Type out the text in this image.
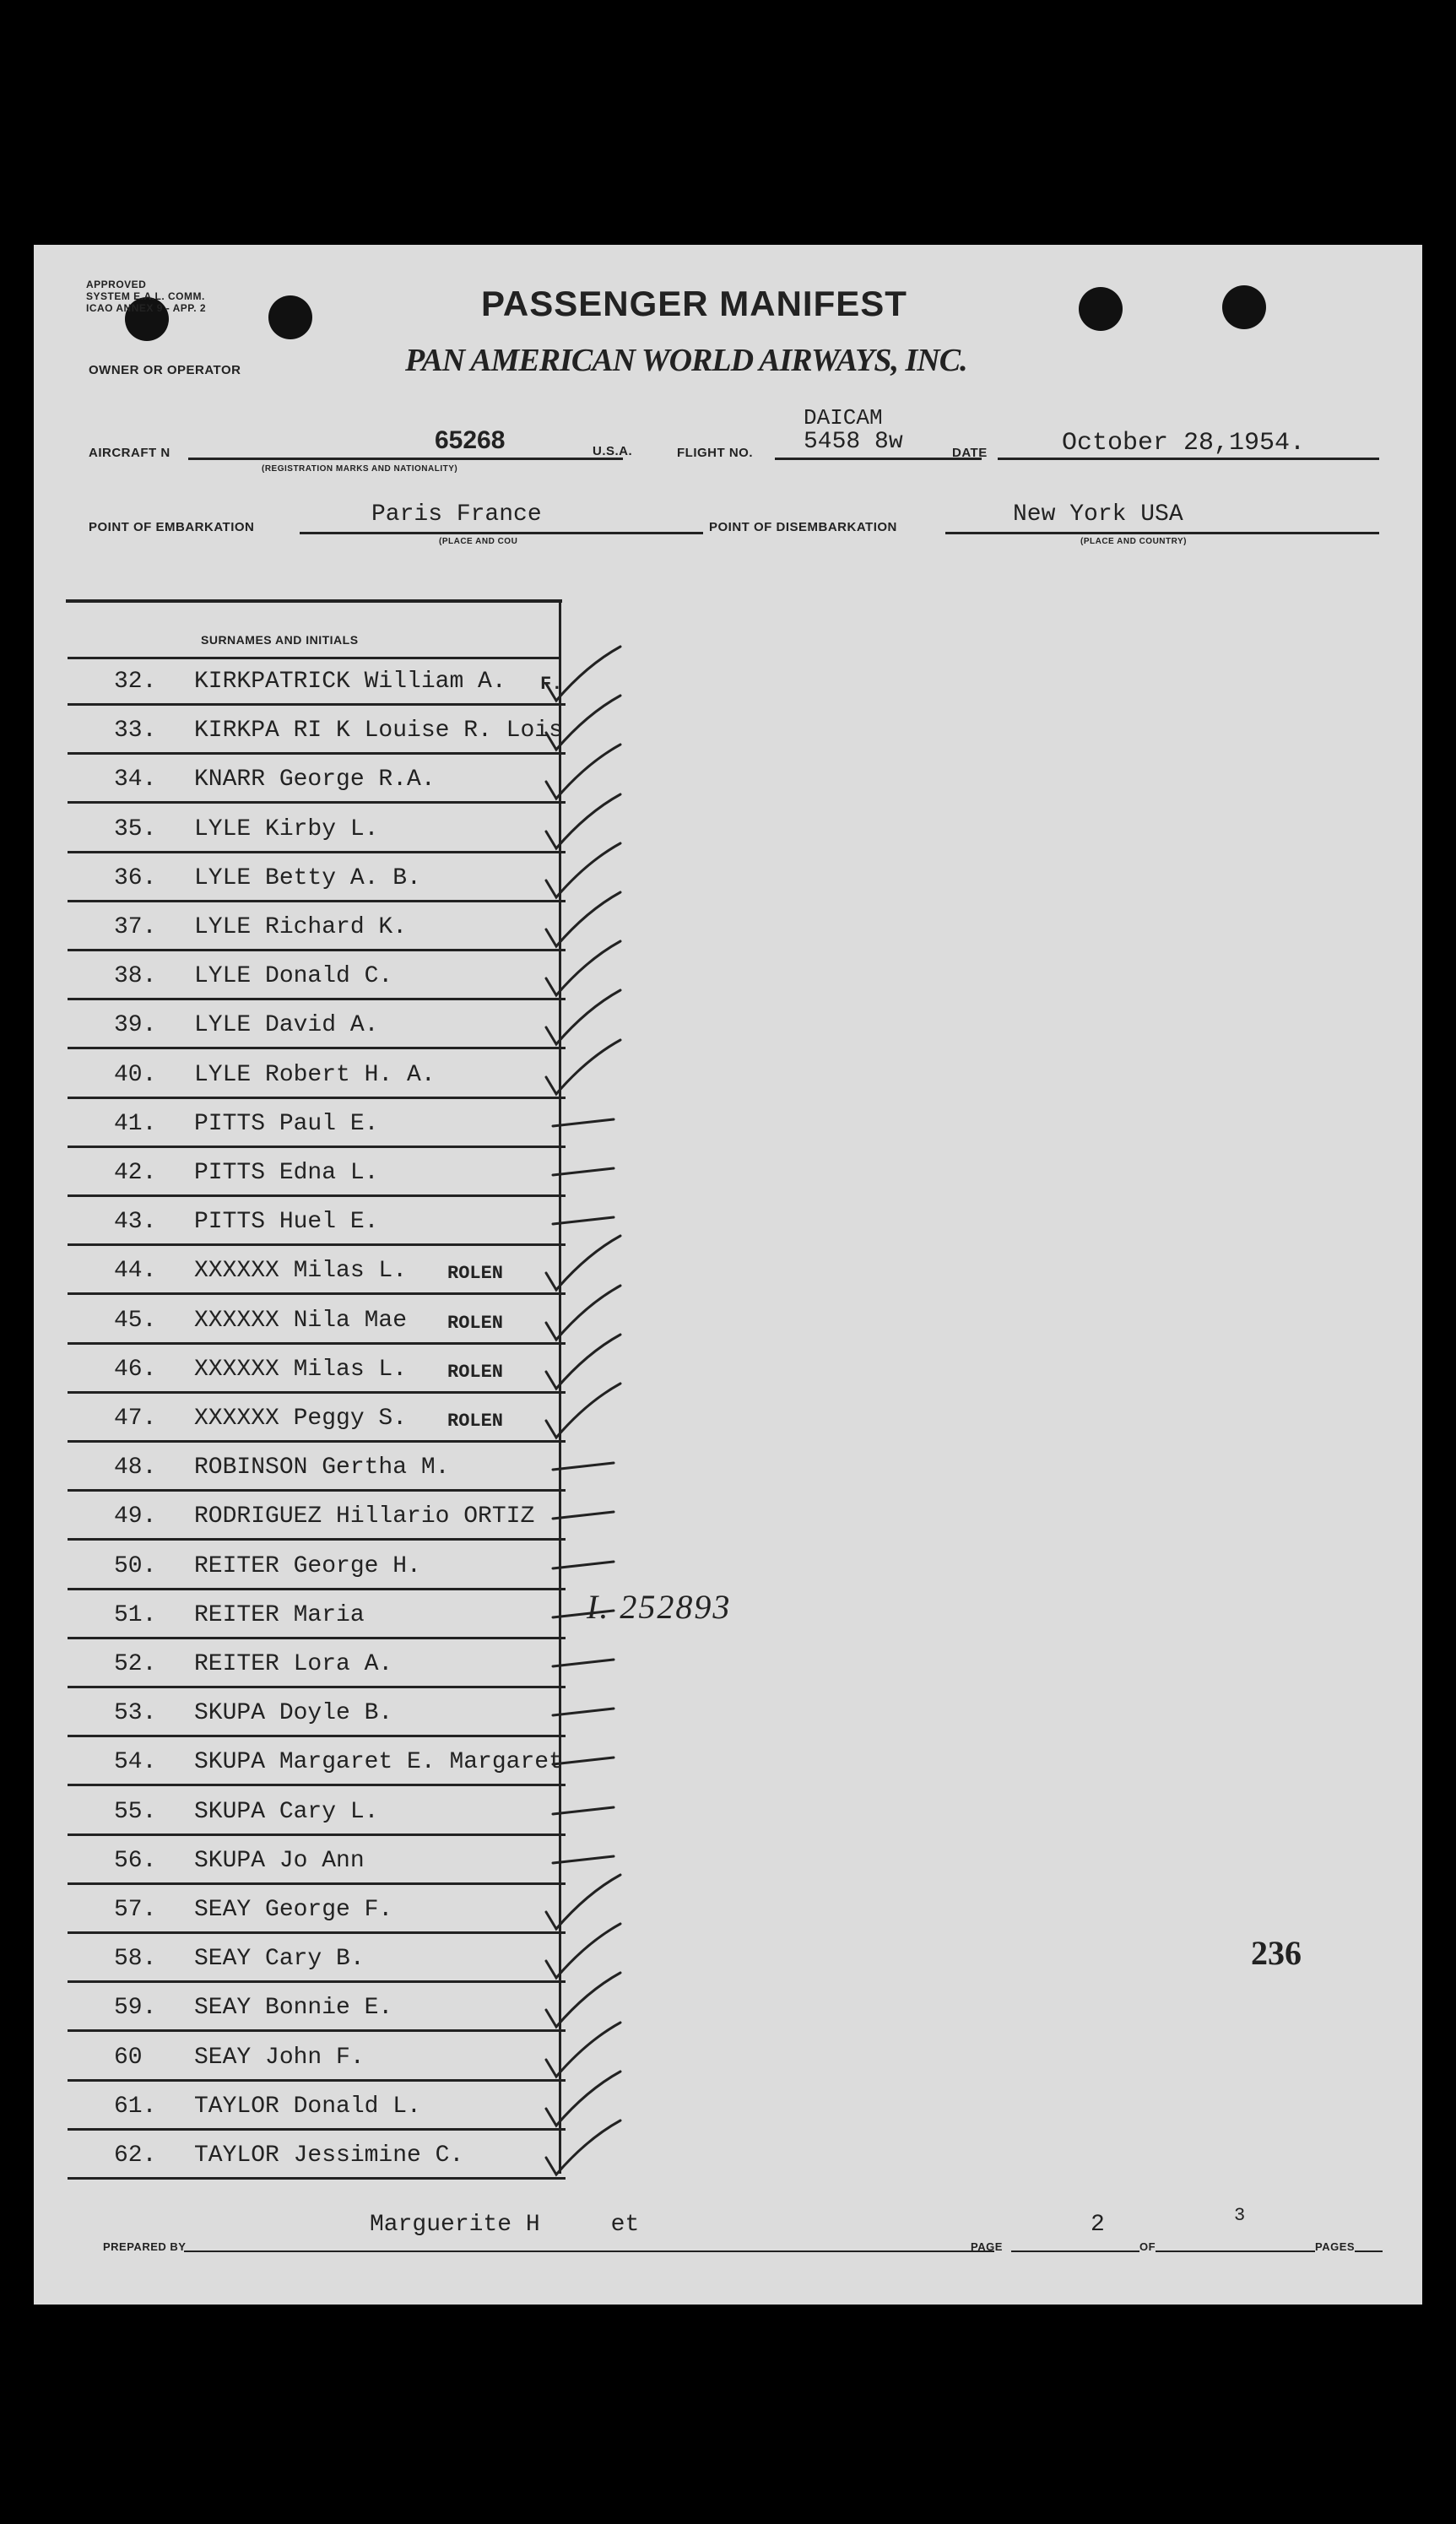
APPROVED
SYSTEM E.A.L. COMM.
ICAO ANNEX 9 - APP. 2
OWNER OR OPERATOR
PASSENGER MANIFEST
PAN AMERICAN WORLD AIRWAYS, INC.
AIRCRAFT N	65268
(REGISTRATION MARKS AND NATIONALITY)
U.S.A.	FLIGHT NO.
DAICAM
5458 8w	DATE	October 28,1954.
POINT OF EMBARKATION	Paris France
(PLACE AND COU
POINT OF DISEMBARKATION	New York USA
(PLACE AND COUNTRY)
SURNAMES AND INITIALS
32. KIRKPATRICK William A. F.
33. KIRKPA RI K Louise R. Lois
34. KNARR George R.A.
35. LYLE Kirby L.
36. LYLE Betty A. B.
37. LYLE Richard K.
38. LYLE Donald C.
39. LYLE David A.
40. LYLE Robert H. A.
41. PITTS Paul E.
42. PITTS Edna L.
43. PITTS Huel E.
44. XXXXXX Milas L. ROLEN
45. XXXXXX Nila Mae ROLEN
46. XXXXXX Milas L. ROLEN
47. XXXXXX Peggy S. ROLEN
48. ROBINSON Gertha M.
49. RODRIGUEZ Hillario ORTIZ
50. REITER George H.
51. REITER Maria
52. REITER Lora A.
53. SKUPA Doyle B.
54. SKUPA Margaret E. Margaret
55. SKUPA Cary L.
56. SKUPA Jo Ann
57. SEAY George F.
58. SEAY Cary B.
59. SEAY Bonnie E.
60 SEAY John F.
61. TAYLOR Donald L.
62. TAYLOR Jessimine C.
I. 252893
236
PREPARED BY
Marguerite H     et
PAGE
2
OF
3
PAGES
